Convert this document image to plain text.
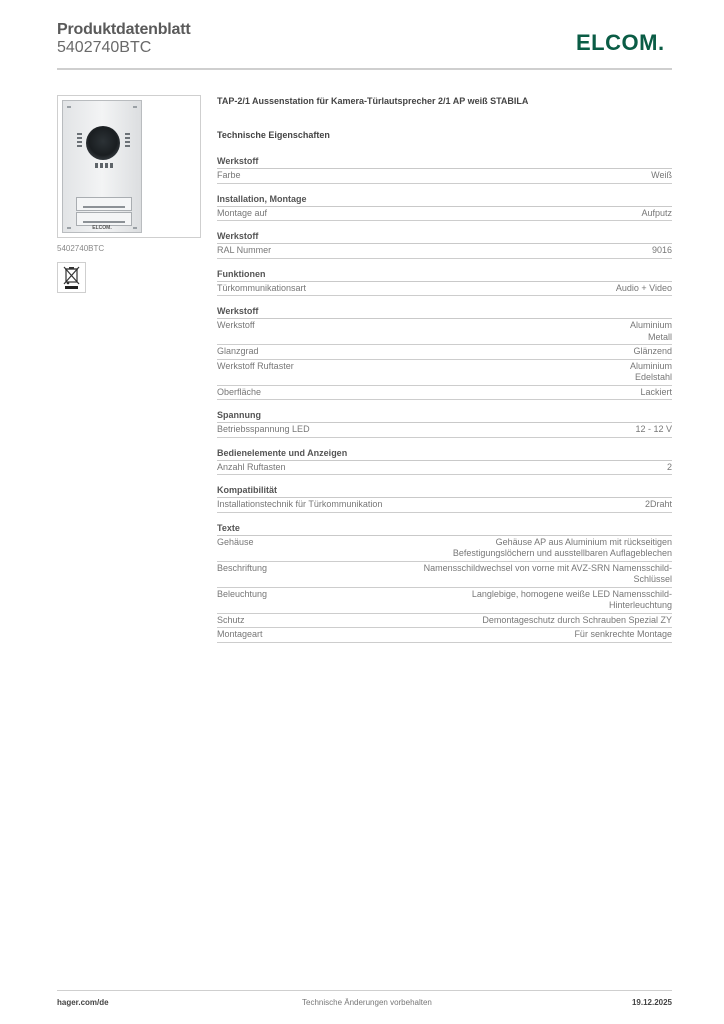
Produktdatenblatt
5402740BTC	ELCOM.
ELCOM.
5402740BTC
TAP-2/1 Aussenstation für Kamera-Türlautsprecher 2/1 AP weiß STABILA
Technische Eigenschaften
Werkstoff
Farbe	Weiß
Installation, Montage
Montage auf	Aufputz
Werkstoff
RAL Nummer	9016
Funktionen
Türkommunikationsart	Audio + Video
Werkstoff
Werkstoff	Aluminium
Metall
Glanzgrad	Glänzend
Werkstoff Ruftaster	Aluminium
Edelstahl
Oberfläche	Lackiert
Spannung
Betriebsspannung LED	12 - 12 V
Bedienelemente und Anzeigen
Anzahl Ruftasten	2
Kompatibilität
Installationstechnik für Türkommunikation	2Draht
Texte
Gehäuse	Gehäuse AP aus Aluminium mit rückseitigen
Befestigungslöchern und ausstellbaren Auflageblechen
Beschriftung	Namensschildwechsel von vorne mit AVZ-SRN Namensschild-
Schlüssel
Beleuchtung	Langlebige, homogene weiße LED Namensschild-
Hinterleuchtung
Schutz	Demontageschutz durch Schrauben Spezial ZY
Montageart	Für senkrechte Montage
hager.com/de	Technische Änderungen vorbehalten	19.12.2025
